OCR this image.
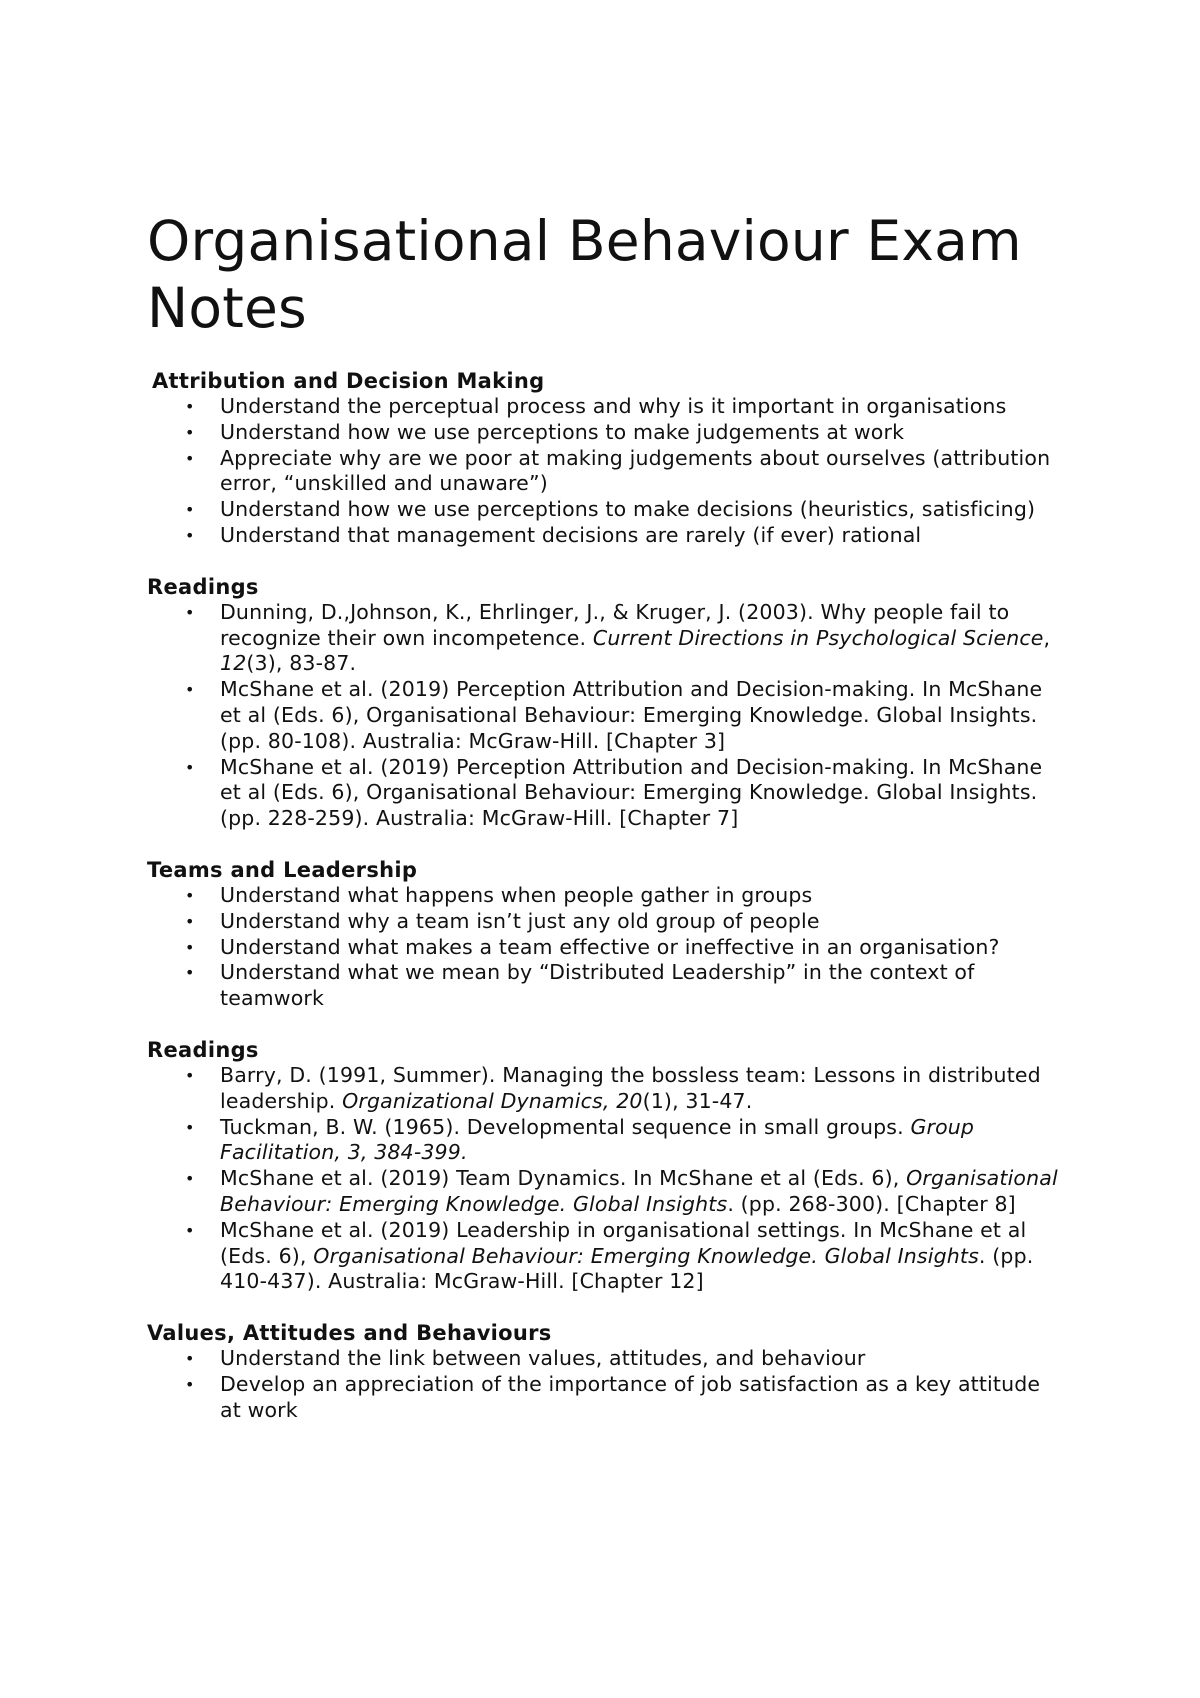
Organisational Behaviour Exam Notes
Attribution and Decision Making
• Understand the perceptual process and why is it important in organisations
• Understand how we use perceptions to make judgements at work
• Appreciate why are we poor at making judgements about ourselves (attribution error, “unskilled and unaware”)
• Understand how we use perceptions to make decisions (heuristics, satisficing)
• Understand that management decisions are rarely (if ever) rational
Readings
• Dunning, D.,Johnson, K., Ehrlinger, J., & Kruger, J. (2003). Why people fail to recognize their own incompetence. Current Directions in Psychological Science, 12(3), 83-87.
• McShane et al. (2019) Perception Attribution and Decision-making. In McShane et al (Eds. 6), Organisational Behaviour: Emerging Knowledge. Global Insights. (pp. 80-108). Australia: McGraw-Hill. [Chapter 3]
• McShane et al. (2019) Perception Attribution and Decision-making. In McShane et al (Eds. 6), Organisational Behaviour: Emerging Knowledge. Global Insights. (pp. 228-259). Australia: McGraw-Hill. [Chapter 7]
Teams and Leadership
• Understand what happens when people gather in groups
• Understand why a team isn’t just any old group of people
• Understand what makes a team effective or ineffective in an organisation?
• Understand what we mean by “Distributed Leadership” in the context of teamwork
Readings
• Barry, D. (1991, Summer). Managing the bossless team: Lessons in distributed leadership. Organizational Dynamics, 20(1), 31-47.
• Tuckman, B. W. (1965). Developmental sequence in small groups. Group Facilitation, 3, 384-399.
• McShane et al. (2019) Team Dynamics. In McShane et al (Eds. 6), Organisational Behaviour: Emerging Knowledge. Global Insights. (pp. 268-300). [Chapter 8]
• McShane et al. (2019) Leadership in organisational settings. In McShane et al (Eds. 6), Organisational Behaviour: Emerging Knowledge. Global Insights. (pp. 410-437). Australia: McGraw-Hill. [Chapter 12]
Values, Attitudes and Behaviours
• Understand the link between values, attitudes, and behaviour
• Develop an appreciation of the importance of job satisfaction as a key attitude at work
